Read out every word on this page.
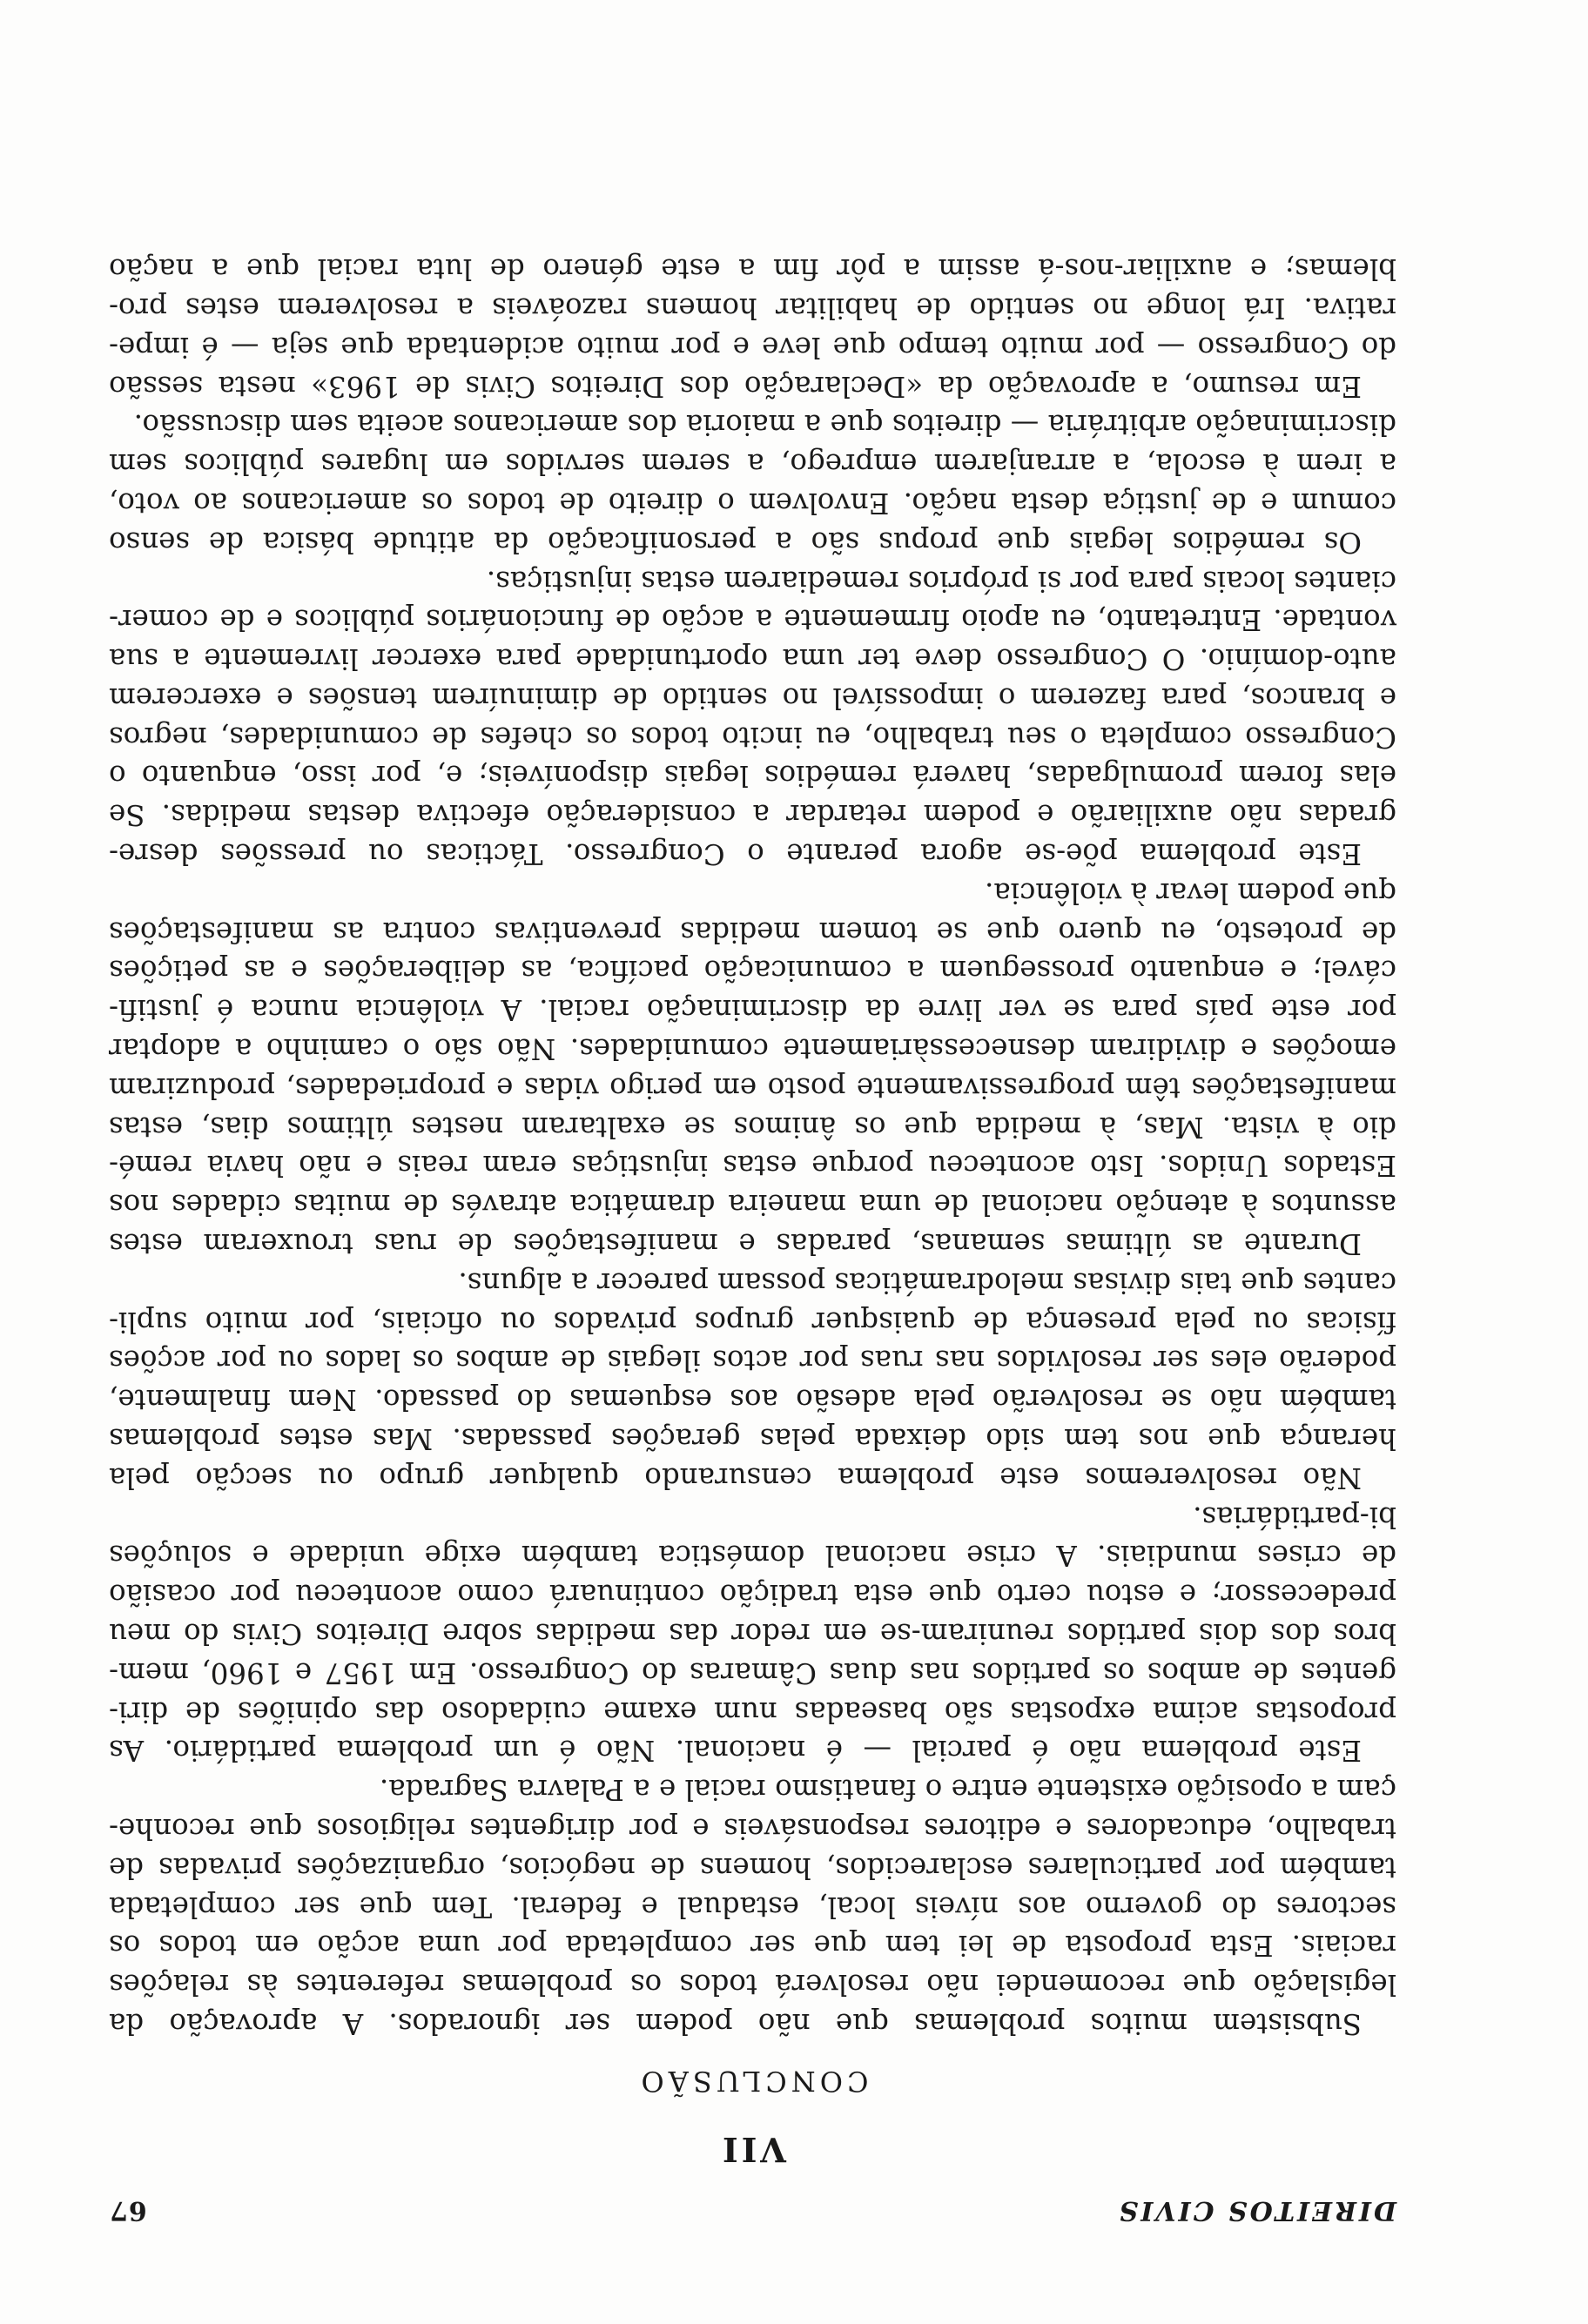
DIREITOS CIVIS
67
VII
CONCLUSÃO

Subsistem muitos problemas que não podem ser ignorados. A aprovação da
legislação que recomendei não resolverá todos os problemas referentes às relações
raciais. Esta proposta de lei tem que ser completada por uma acção em todos os
sectores do governo aos níveis local, estadual e federal. Tem que ser completada
também por particulares esclarecidos, homens de negócios, organizações privadas de
trabalho, educadores e editores responsáveis e por dirigentes religiosos que reconhe-
çam a oposição existente entre o fanatismo racial e a Palavra Sagrada.

Este problema não é parcial — é nacional. Não é um problema partidário. As
propostas acima expostas são baseadas num exame cuidadoso das opiniões de diri-
gentes de ambos os partidos nas duas Câmaras do Congresso. Em 1957 e 1960, mem-
bros dos dois partidos reuniram-se em redor das medidas sobre Direitos Civis do meu
predecessor; e estou certo que esta tradição continuará como aconteceu por ocasião
de crises mundiais. A crise nacional doméstica também exige unidade e soluções
bi-partidárias.

Não resolveremos este problema censurando qualquer grupo ou secção pela
herança que nos tem sido deixada pelas gerações passadas. Mas estes problemas
também não se resolverão pela adesão aos esquemas do passado. Nem finalmente,
poderão eles ser resolvidos nas ruas por actos ilegais de ambos os lados ou por acções
físicas ou pela presença de quaisquer grupos privados ou oficiais, por muito supli-
cantes que tais divisas melodramáticas possam parecer a alguns.

Durante as últimas semanas, paradas e manifestações de ruas trouxeram estes
assuntos à atenção nacional de uma maneira dramática através de muitas cidades nos
Estados Unidos. Isto aconteceu porque estas injustiças eram reais e não havia remé-
dio à vista. Mas, à medida que os ânimos se exaltaram nestes últimos dias, estas
manifestações têm progressivamente posto em perigo vidas e propriedades, produziram
emoções e dividiram desnecessàriamente comunidades. Não são o caminho a adoptar
por este país para se ver livre da discriminação racial. A violência nunca é justifi-
cável; e enquanto prosseguem a comunicação pacífica, as deliberações e as petições
de protesto, eu quero que se tomem medidas preventivas contra as manifestações
que podem levar à violência.

Este problema põe-se agora perante o Congresso. Tácticas ou pressões desre-
gradas não auxiliarão e podem retardar a consideração efectiva destas medidas. Se
elas forem promulgadas, haverá remédios legais disponíveis; e, por isso, enquanto o
Congresso completa o seu trabalho, eu incito todos os chefes de comunidades, negros
e brancos, para fazerem o impossível no sentido de diminuírem tensões e exercerem
auto-domínio. O Congresso deve ter uma oportunidade para exercer livremente a sua
vontade. Entretanto, eu apoio firmemente a acção de funcionários públicos e de comer-
ciantes locais para por si próprios remediarem estas injustiças.

Os remédios legais que propus são a personificação da atitude básica de senso
comum e de justiça desta nação. Envolvem o direito de todos os americanos ao voto,
a irem à escola, a arranjarem emprego, a serem servidos em lugares públicos sem
discriminação arbitrária — direitos que a maioria dos americanos aceita sem discussão.

Em resumo, a aprovação da «Declaração dos Direitos Civis de 1963» nesta sessão
do Congresso — por muito tempo que leve e por muito acidentada que seja — é impe-
rativa. Irá longe no sentido de habilitar homens razoáveis a resolverem estes pro-
blemas; e auxiliar-nos-á assim a pôr fim a este género de luta racial que a nação
